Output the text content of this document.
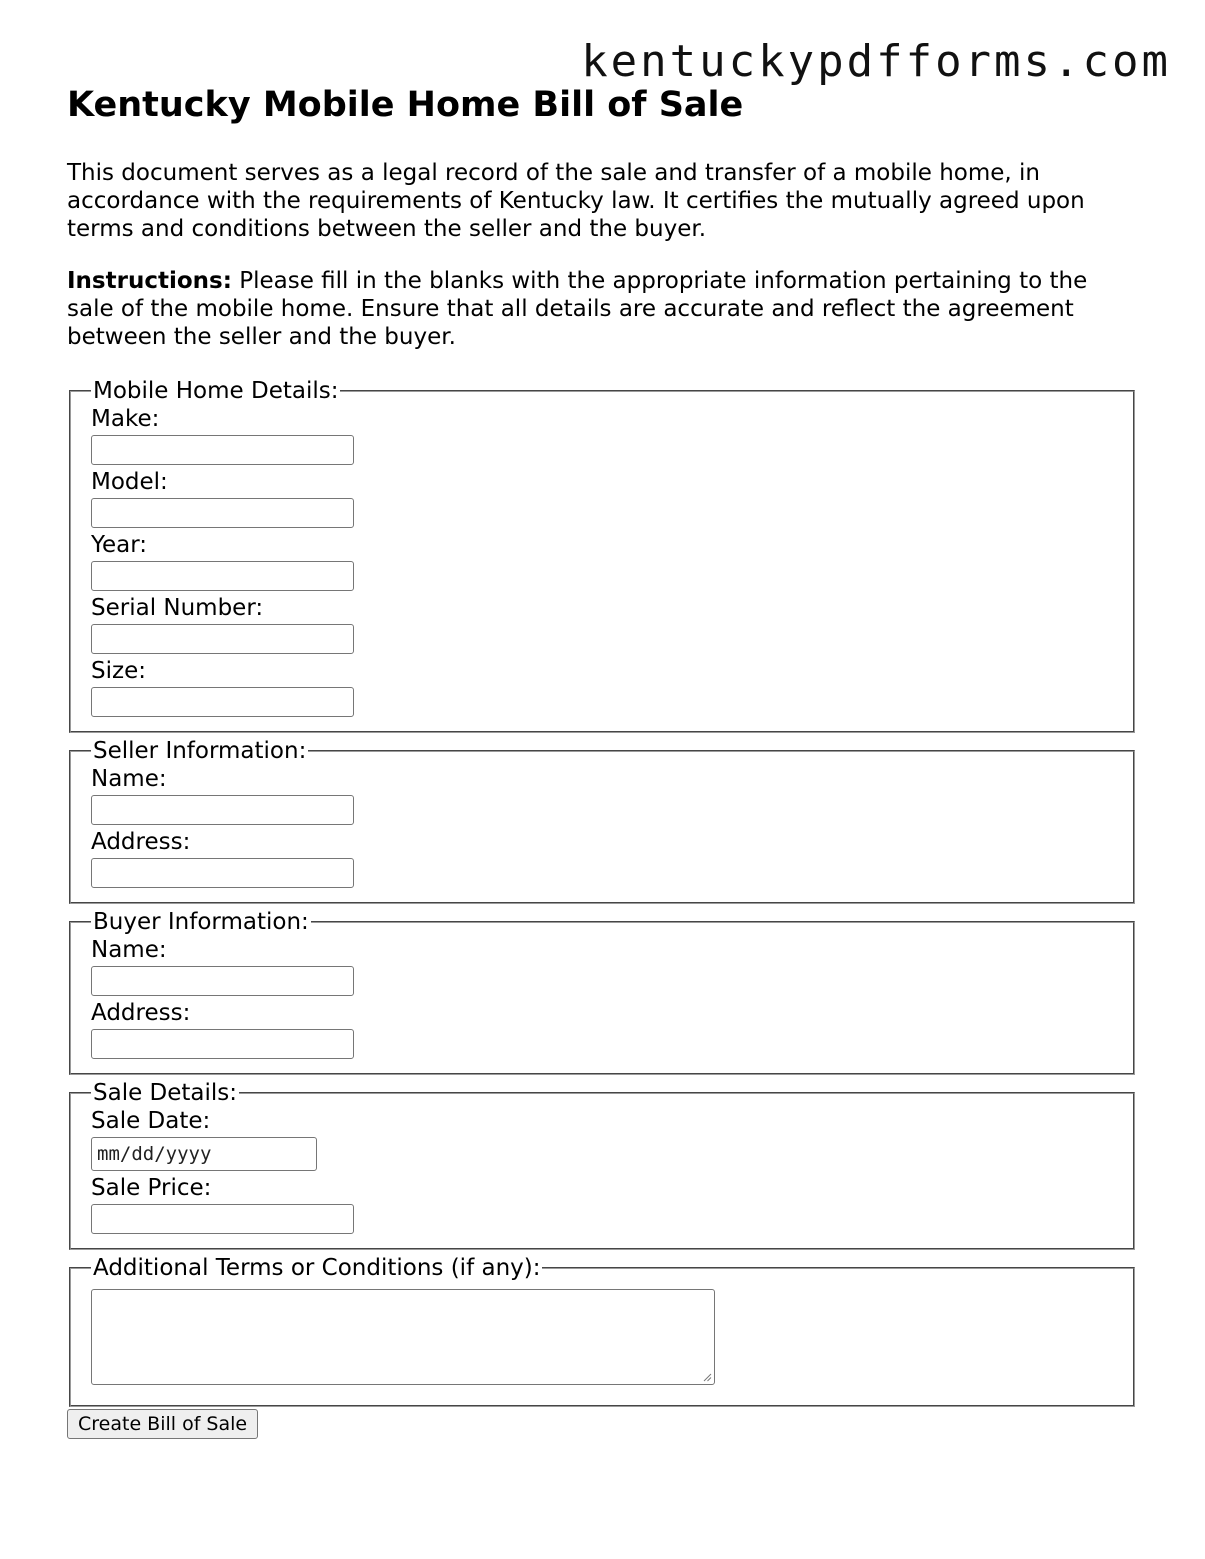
kentuckypdfforms.com
Kentucky Mobile Home Bill of Sale

This document serves as a legal record of the sale and transfer of a mobile home, in accordance with the requirements of Kentucky law. It certifies the mutually agreed upon terms and conditions between the seller and the buyer.

Instructions: Please fill in the blanks with the appropriate information pertaining to the sale of the mobile home. Ensure that all details are accurate and reflect the agreement between the seller and the buyer.

Mobile Home Details:
Make:
Model:
Year:
Serial Number:
Size:
Seller Information:
Name:
Address:
Buyer Information:
Name:
Address:
Sale Details:
Sale Date:
mm/dd/yyyy
Sale Price:
Additional Terms or Conditions (if any):
Create Bill of Sale
